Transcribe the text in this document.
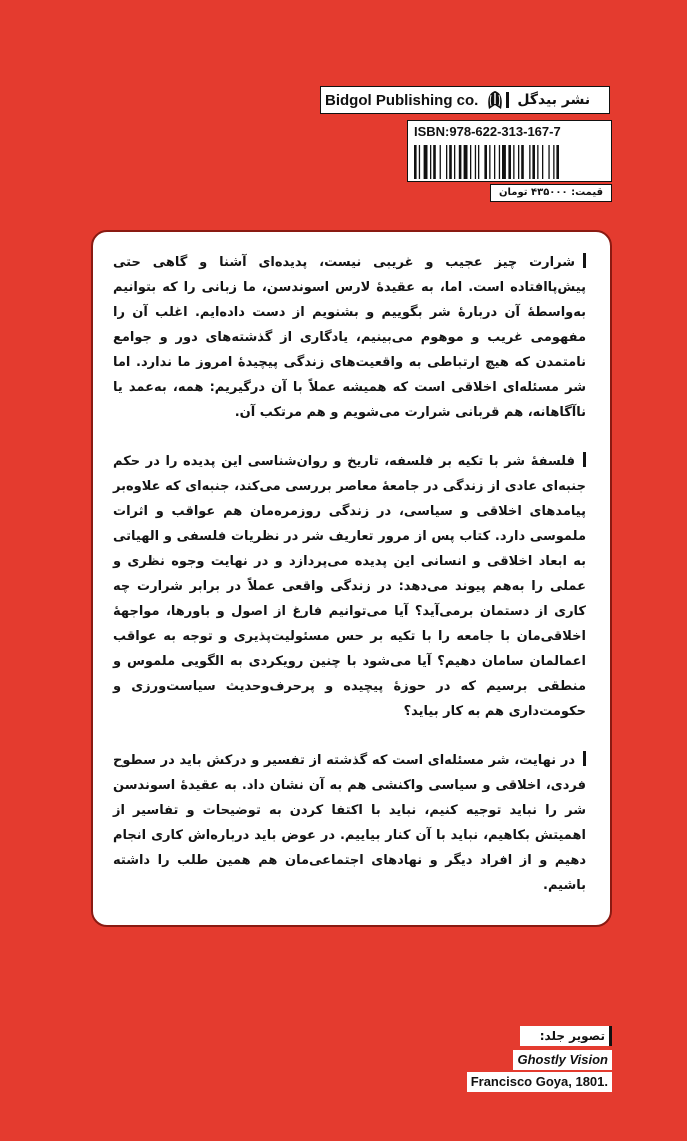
Bidgol Publishing co.	نشر بیدگل
ISBN:978-622-313-167-7
قیمت: ۴۳۵۰۰۰ تومان

شرارت چیز عجیب و غریبی نیست، پدیده‌ای آشنا و گاهی حتی پیش‌پاافتاده است. اما، به عقیدهٔ لارس اسوندسن، ما زبانی را که بتوانیم به‌واسطهٔ آن دربارهٔ شر بگوییم و بشنویم از دست داده‌ایم. اغلب آن را مفهومی غریب و موهوم می‌بینیم، یادگاری از گذشته‌های دور و جوامع نامتمدن که هیچ ارتباطی به واقعیت‌های زندگی پیچیدهٔ امروز ما ندارد. اما شر مسئله‌ای اخلاقی است که همیشه عملاً با آن درگیریم: همه، به‌عمد یا ناآگاهانه، هم قربانی شرارت می‌شویم و هم مرتکب آن.

فلسفهٔ شر با تکیه بر فلسفه، تاریخ و روان‌شناسی این پدیده را در حکم جنبه‌ای عادی از زندگی در جامعهٔ معاصر بررسی می‌کند، جنبه‌ای که علاوه‌بر پیامدهای اخلاقی و سیاسی، در زندگی روزمره‌مان هم عواقب و اثرات ملموسی دارد. کتاب پس از مرور تعاریف شر در نظریات فلسفی و الهیاتی به ابعاد اخلاقی و انسانی این پدیده می‌پردازد و در نهایت وجوه نظری و عملی را به‌هم پیوند می‌دهد: در زندگی واقعی عملاً در برابر شرارت چه کاری از دستمان برمی‌آید؟ آیا می‌توانیم فارغ از اصول و باورها، مواجههٔ اخلاقی‌مان با جامعه را با تکیه بر حس مسئولیت‌پذیری و توجه به عواقب اعمالمان سامان دهیم؟ آیا می‌شود با چنین رویکردی به الگویی ملموس و منطقی برسیم که در حوزهٔ پیچیده و پرحرف‌وحدیث سیاست‌ورزی و حکومت‌داری هم به کار بیاید؟

در نهایت، شر مسئله‌ای است که گذشته از تفسیر و درکش باید در سطوح فردی، اخلاقی و سیاسی واکنشی هم به آن نشان داد. به عقیدهٔ اسوندسن شر را نباید توجیه کنیم، نباید با اکتفا کردن به توضیحات و تفاسیر از اهمیتش بکاهیم، نباید با آن کنار بیاییم. در عوض باید درباره‌اش کاری انجام دهیم و از افراد دیگر و نهادهای اجتماعی‌مان هم همین طلب را داشته باشیم.

تصویر جلد:
Ghostly Vision
Francisco Goya, 1801.
